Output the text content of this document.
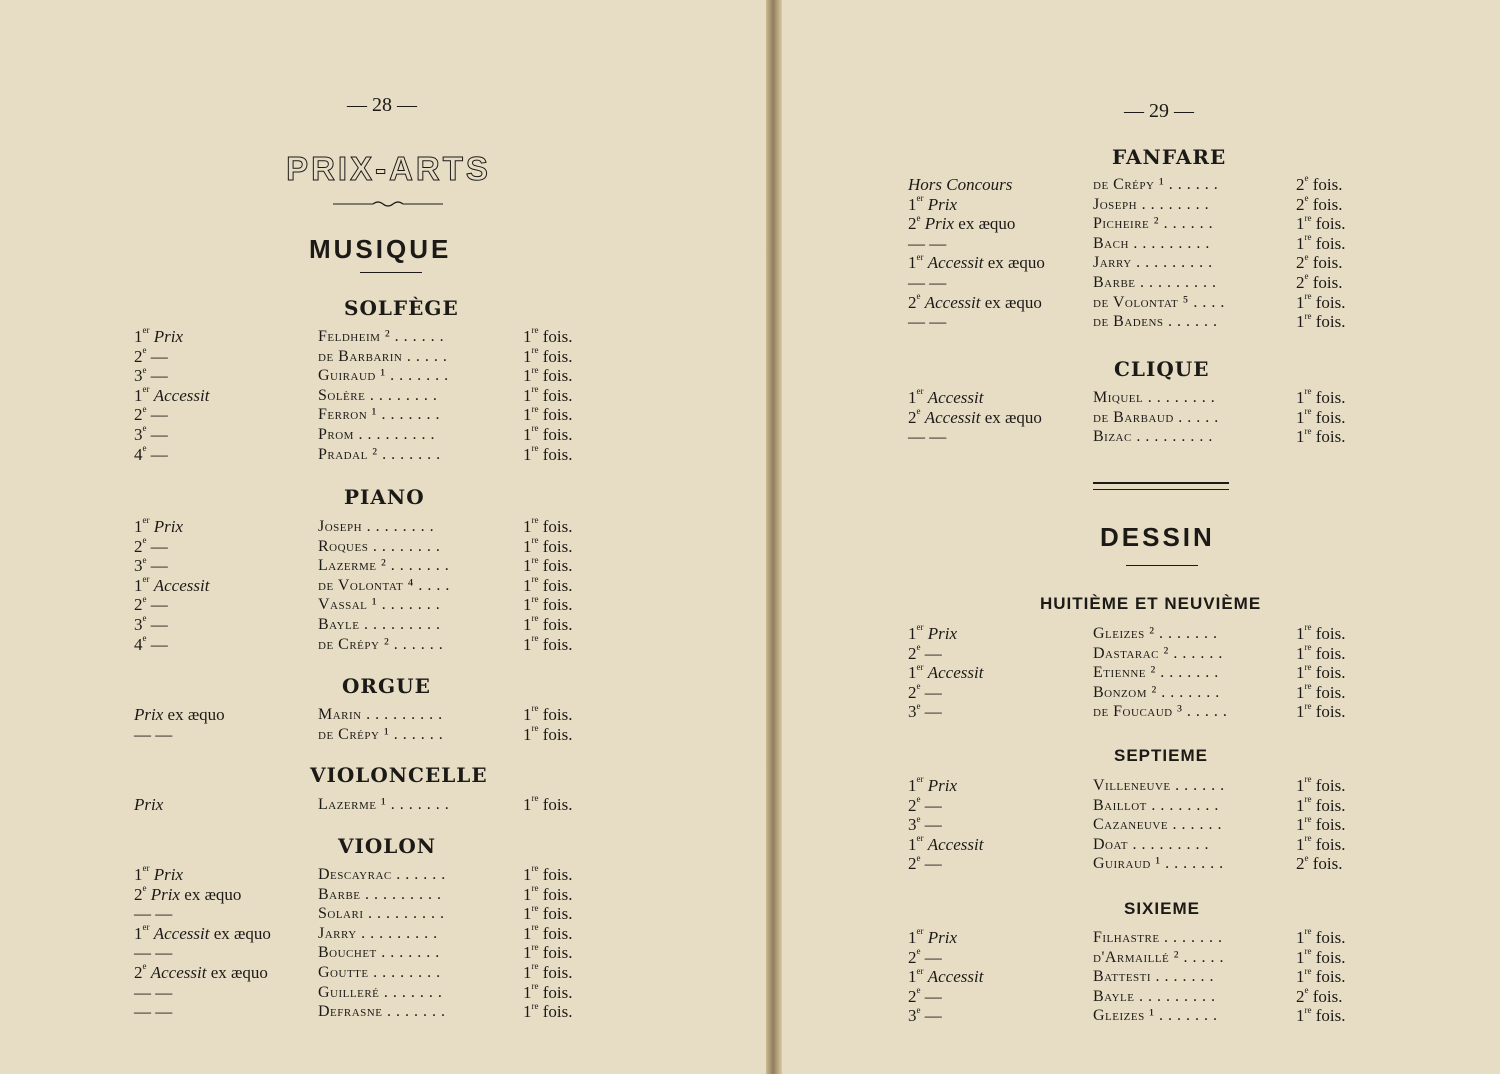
— 28 —	— 29 —
PRIX-ARTS
MUSIQUE
DESSIN
SOLFÈGE
1er Prix	Feldheim ² . . . . . .	1re fois.
2e —	de Barbarin . . . . .	1re fois.
3e —	Guiraud ¹ . . . . . . .	1re fois.
1er Accessit	Solère . . . . . . . .	1re fois.
2e —	Ferron ¹ . . . . . . .	1re fois.
3e —	Prom . . . . . . . . .	1re fois.
4e —	Pradal ² . . . . . . .	1re fois.
PIANO
1er Prix	Joseph . . . . . . . .	1re fois.
2e —	Roques . . . . . . . .	1re fois.
3e —	Lazerme ² . . . . . . .	1re fois.
1er Accessit	de Volontat ⁴ . . . .	1re fois.
2e —	Vassal ¹ . . . . . . .	1re fois.
3e —	Bayle . . . . . . . . .	1re fois.
4e —	de Crépy ² . . . . . .	1re fois.
ORGUE
Prix ex æquo	Marin . . . . . . . . .	1re fois.
— —	de Crépy ¹ . . . . . .	1re fois.
VIOLONCELLE
Prix	Lazerme ¹ . . . . . . .	1re fois.
VIOLON
1er Prix	Descayrac . . . . . .	1re fois.
2e Prix ex æquo	Barbe . . . . . . . . .	1re fois.
— —	Solari . . . . . . . . .	1re fois.
1er Accessit ex æquo	Jarry . . . . . . . . .	1re fois.
— —	Bouchet . . . . . . .	1re fois.
2e Accessit ex æquo	Goutte . . . . . . . .	1re fois.
— —	Guilleré . . . . . . .	1re fois.
— —	Defrasne . . . . . . .	1re fois.
FANFARE
Hors Concours	de Crépy ¹ . . . . . .	2e fois.
1er Prix	Joseph . . . . . . . .	2e fois.
2e Prix ex æquo	Picheire ² . . . . . .	1re fois.
— —	Bach . . . . . . . . .	1re fois.
1er Accessit ex æquo	Jarry . . . . . . . . .	2e fois.
— —	Barbe . . . . . . . . .	2e fois.
2e Accessit ex æquo	de Volontat ⁵ . . . .	1re fois.
— —	de Badens . . . . . .	1re fois.
CLIQUE
1er Accessit	Miquel . . . . . . . .	1re fois.
2e Accessit ex æquo	de Barbaud . . . . .	1re fois.
— —	Bizac . . . . . . . . .	1re fois.
HUITIÈME ET NEUVIÈME
1er Prix	Gleizes ² . . . . . . .	1re fois.
2e —	Dastarac ² . . . . . .	1re fois.
1er Accessit	Etienne ² . . . . . . .	1re fois.
2e —	Bonzom ² . . . . . . .	1re fois.
3e —	de Foucaud ³ . . . . .	1re fois.
SEPTIEME
1er Prix	Villeneuve . . . . . .	1re fois.
2e —	Baillot . . . . . . . .	1re fois.
3e —	Cazaneuve . . . . . .	1re fois.
1er Accessit	Doat . . . . . . . . .	1re fois.
2e —	Guiraud ¹ . . . . . . .	2e fois.
SIXIEME
1er Prix	Filhastre . . . . . . .	1re fois.
2e —	d'Armaillé ² . . . . .	1re fois.
1er Accessit	Battesti . . . . . . .	1re fois.
2e —	Bayle . . . . . . . . .	2e fois.
3e —	Gleizes ¹ . . . . . . .	1re fois.
